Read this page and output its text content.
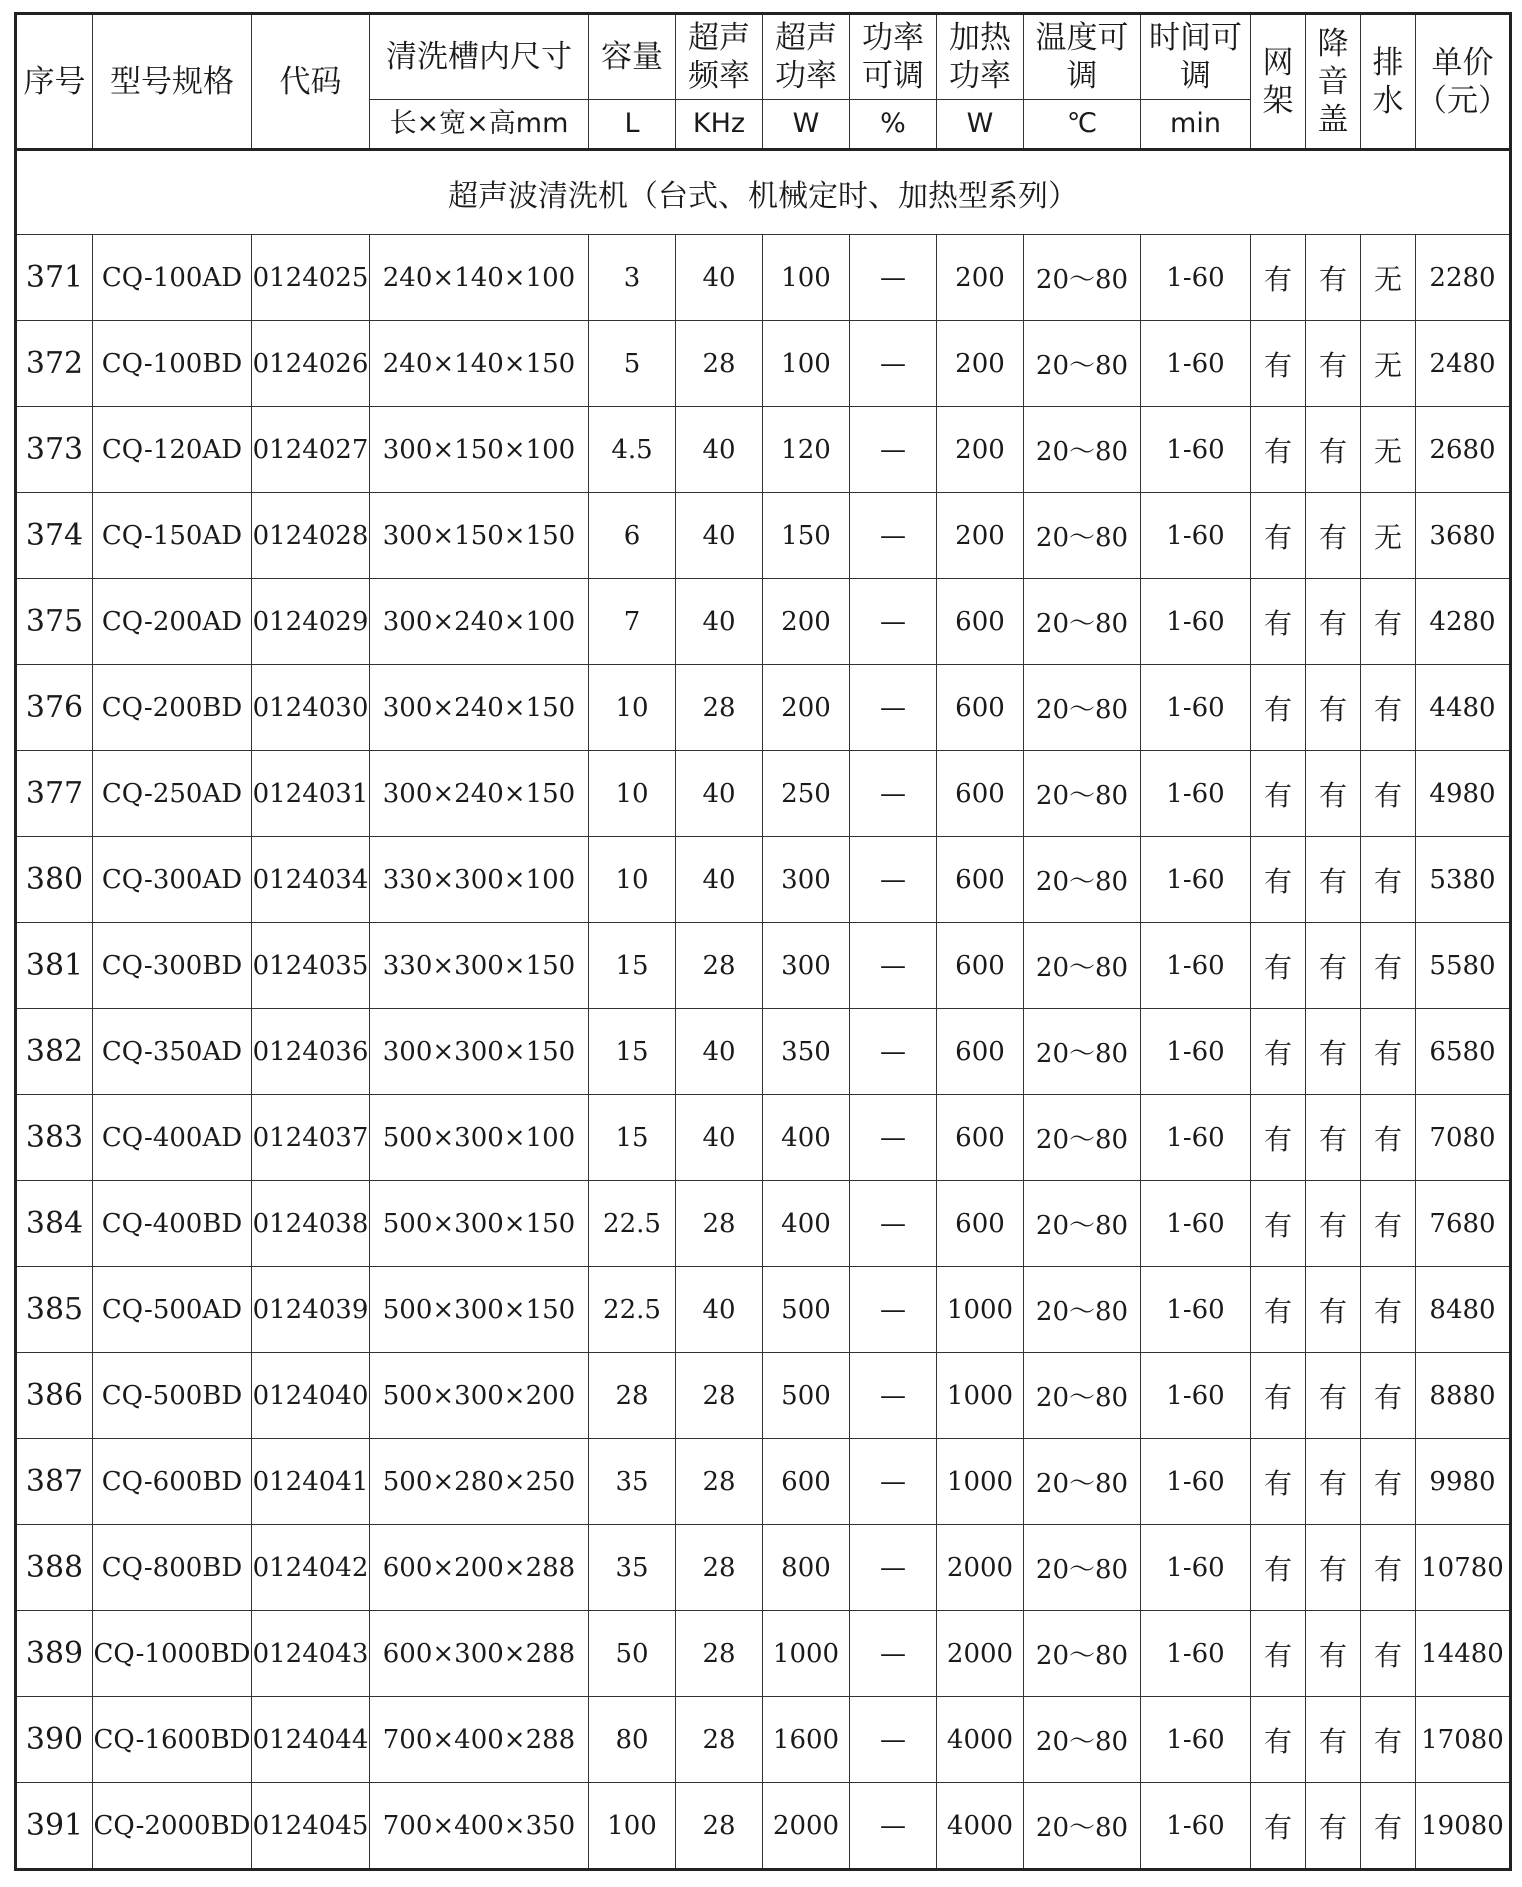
序号	型号规格	代码	清洗槽内尺寸	容量	超声频率	超声功率	功率可调	加热功率	温度可调	时间可调	网架	降音盖	排水	单价（元）
			长×宽×高mm	L	KHz	W	%	W	℃	min				
超声波清洗机（台式、机械定时、加热型系列）														
371	CQ-100AD	0124025	240×140×100	3	40	100	—	200	20～80	1-60	有	有	无	2280
372	CQ-100BD	0124026	240×140×150	5	28	100	—	200	20～80	1-60	有	有	无	2480
373	CQ-120AD	0124027	300×150×100	4.5	40	120	—	200	20～80	1-60	有	有	无	2680
374	CQ-150AD	0124028	300×150×150	6	40	150	—	200	20～80	1-60	有	有	无	3680
375	CQ-200AD	0124029	300×240×100	7	40	200	—	600	20～80	1-60	有	有	有	4280
376	CQ-200BD	0124030	300×240×150	10	28	200	—	600	20～80	1-60	有	有	有	4480
377	CQ-250AD	0124031	300×240×150	10	40	250	—	600	20～80	1-60	有	有	有	4980
380	CQ-300AD	0124034	330×300×100	10	40	300	—	600	20～80	1-60	有	有	有	5380
381	CQ-300BD	0124035	330×300×150	15	28	300	—	600	20～80	1-60	有	有	有	5580
382	CQ-350AD	0124036	300×300×150	15	40	350	—	600	20～80	1-60	有	有	有	6580
383	CQ-400AD	0124037	500×300×100	15	40	400	—	600	20～80	1-60	有	有	有	7080
384	CQ-400BD	0124038	500×300×150	22.5	28	400	—	600	20～80	1-60	有	有	有	7680
385	CQ-500AD	0124039	500×300×150	22.5	40	500	—	1000	20～80	1-60	有	有	有	8480
386	CQ-500BD	0124040	500×300×200	28	28	500	—	1000	20～80	1-60	有	有	有	8880
387	CQ-600BD	0124041	500×280×250	35	28	600	—	1000	20～80	1-60	有	有	有	9980
388	CQ-800BD	0124042	600×200×288	35	28	800	—	2000	20～80	1-60	有	有	有	10780
389	CQ-1000BD	0124043	600×300×288	50	28	1000	—	2000	20～80	1-60	有	有	有	14480
390	CQ-1600BD	0124044	700×400×288	80	28	1600	—	4000	20～80	1-60	有	有	有	17080
391	CQ-2000BD	0124045	700×400×350	100	28	2000	—	4000	20～80	1-60	有	有	有	19080
